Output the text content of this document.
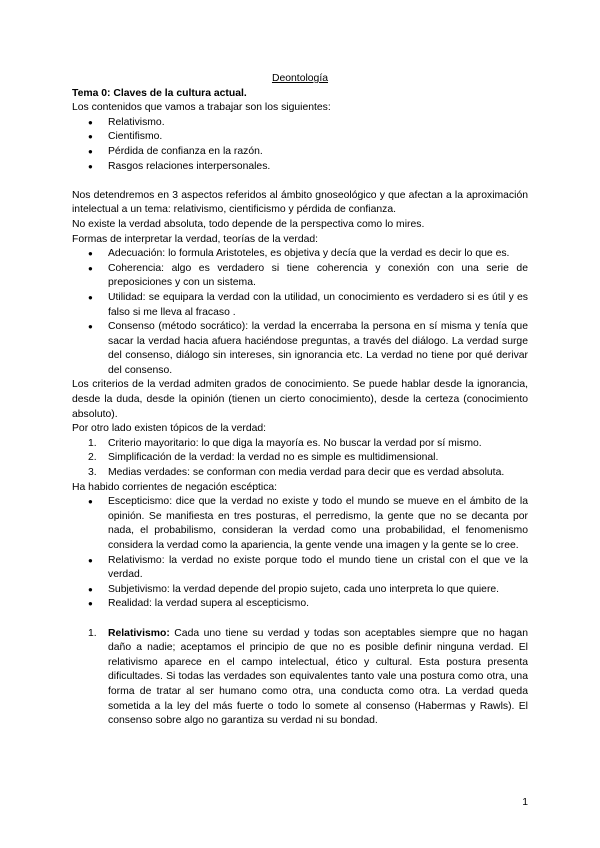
Deontología

Tema 0: Claves de la cultura actual.

Los contenidos que vamos a trabajar son los siguientes:

● Relativismo.
● Cientifismo.
● Pérdida de confianza en la razón.
● Rasgos relaciones interpersonales.

Nos detendremos en 3 aspectos referidos al ámbito gnoseológico y que afectan a la aproximación intelectual a un tema: relativismo, cientificismo y pérdida de confianza.

No existe la verdad absoluta, todo depende de la perspectiva como lo mires.

Formas de interpretar la verdad, teorías de la verdad:

● Adecuación: lo formula Aristoteles, es objetiva y decía que la verdad es decir lo que es.
● Coherencia: algo es verdadero si tiene coherencia y conexión con una serie de preposiciones y con un sistema.
● Utilidad: se equipara la verdad con la utilidad, un conocimiento es verdadero si es útil y es falso si me lleva al fracaso .
● Consenso (método socrático): la verdad la encerraba la persona en sí misma y tenía que sacar la verdad hacia afuera haciéndose preguntas, a través del diálogo. La verdad surge del consenso, diálogo sin intereses, sin ignorancia etc. La verdad no tiene por qué derivar del consenso.

Los criterios de la verdad admiten grados de conocimiento. Se puede hablar desde la ignorancia, desde la duda, desde la opinión (tienen un cierto conocimiento), desde la certeza (conocimiento absoluto).

Por otro lado existen tópicos de la verdad:

1. Criterio mayoritario: lo que diga la mayoría es. No buscar la verdad por sí mismo.
2. Simplificación de la verdad: la verdad no es simple es multidimensional.
3. Medias verdades: se conforman con media verdad para decir que es verdad absoluta.

Ha habido corrientes de negación escéptica:

● Escepticismo: dice que la verdad no existe y todo el mundo se mueve en el ámbito de la opinión. Se manifiesta en tres posturas, el perredismo, la gente que no se decanta por nada, el probabilismo, consideran la verdad como una probabilidad, el fenomenismo considera la verdad como la apariencia, la gente vende una imagen y la gente se lo cree.
● Relativismo: la verdad no existe porque todo el mundo tiene un cristal con el que ve la verdad.
● Subjetivismo: la verdad depende del propio sujeto, cada uno interpreta lo que quiere.
● Realidad: la verdad supera al escepticismo.
1. Relativismo: Cada uno tiene su verdad y todas son aceptables siempre que no hagan daño a nadie; aceptamos el principio de que no es posible definir ninguna verdad. El relativismo aparece en el campo intelectual, ético y cultural. Esta postura presenta dificultades. Si todas las verdades son equivalentes tanto vale una postura como otra, una forma de tratar al ser humano como otra, una conducta como otra. La verdad queda sometida a la ley del más fuerte o todo lo somete al consenso (Habermas y Rawls). El consenso sobre algo no garantiza su verdad ni su bondad.
1
